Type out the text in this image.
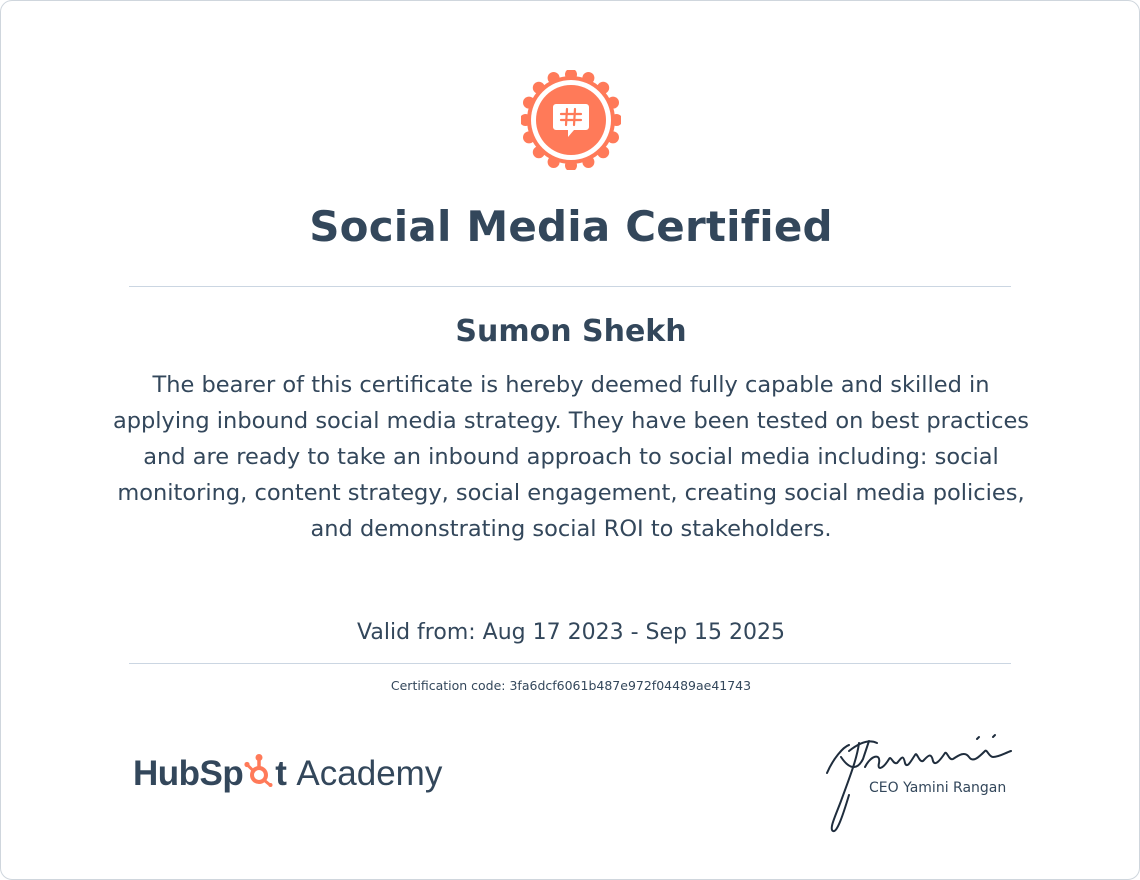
Social Media Certified
Sumon Shekh
The bearer of this certificate is hereby deemed fully capable and skilled in applying inbound social media strategy. They have been tested on best practices and are ready to take an inbound approach to social media including: social monitoring, content strategy, social engagement, creating social media policies, and demonstrating social ROI to stakeholders.
Valid from: Aug 17 2023 - Sep 15 2025
Certification code: 3fa6dcf6061b487e972f04489ae41743
HubSp t Academy	CEO Yamini Rangan
